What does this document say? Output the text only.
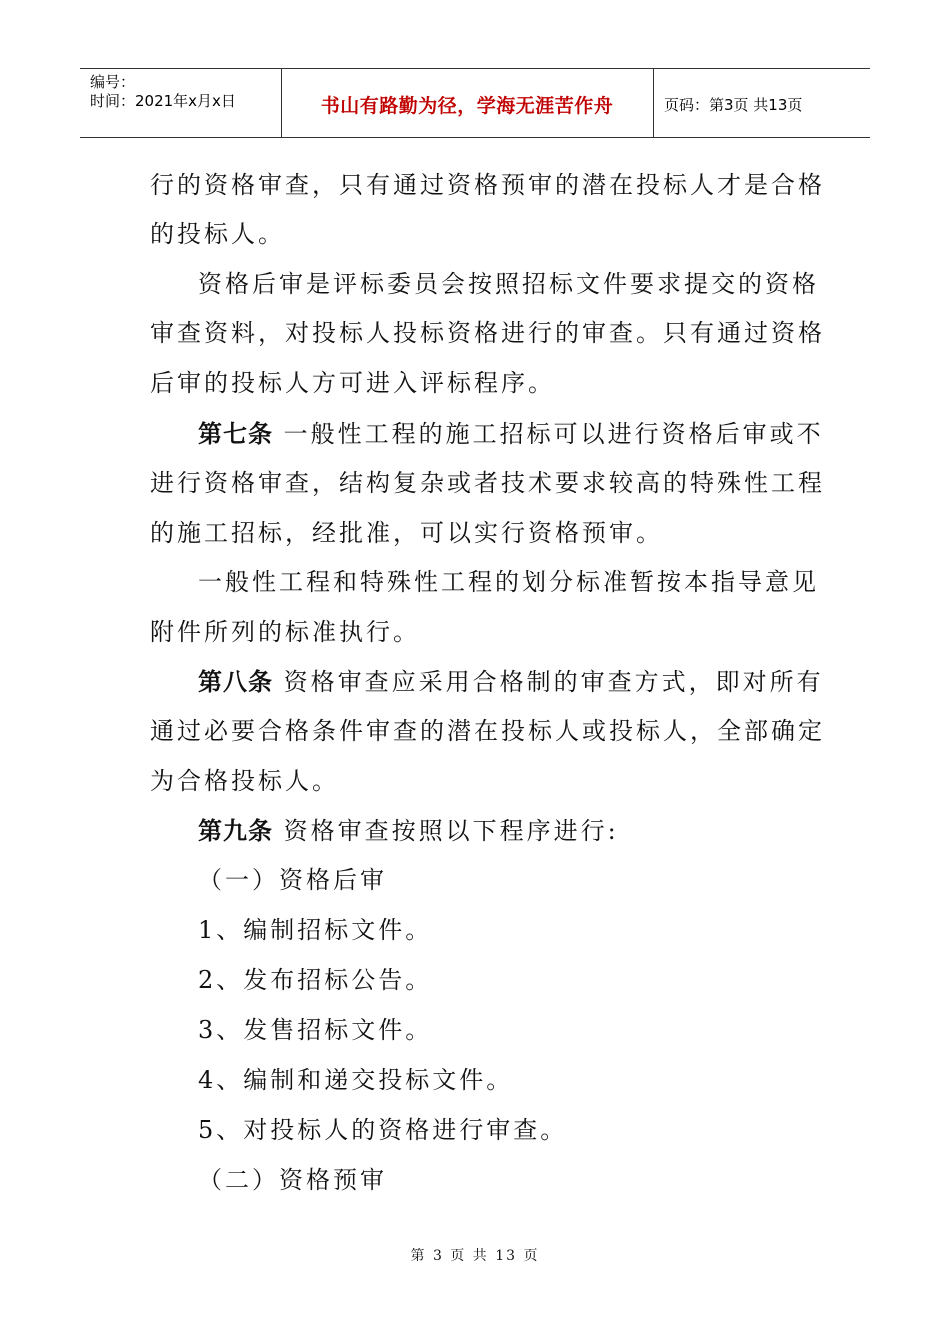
编号：
时间：2021年x月x日	书山有路勤为径，学海无涯苦作舟	页码：第3页 共13页
行的资格审查，只有通过资格预审的潜在投标人才是合格
的投标人。
资格后审是评标委员会按照招标文件要求提交的资格
审查资料，对投标人投标资格进行的审查。只有通过资格
后审的投标人方可进入评标程序。
第七条 一般性工程的施工招标可以进行资格后审或不
进行资格审查，结构复杂或者技术要求较高的特殊性工程
的施工招标，经批准，可以实行资格预审。
一般性工程和特殊性工程的划分标准暂按本指导意见
附件所列的标准执行。
第八条 资格审查应采用合格制的审查方式，即对所有
通过必要合格条件审查的潜在投标人或投标人，全部确定
为合格投标人。
第九条 资格审查按照以下程序进行:
（一）资格后审
1、编制招标文件。
2、发布招标公告。
3、发售招标文件。
4、编制和递交投标文件。
5、对投标人的资格进行审查。
（二）资格预审
第 3 页 共 13 页
